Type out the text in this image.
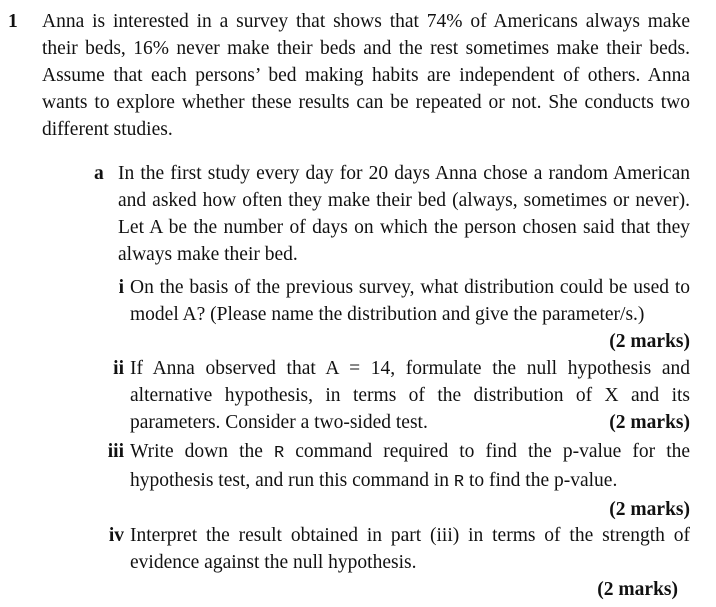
1 Anna is interested in a survey that shows that 74% of Americans always make their beds, 16% never make their beds and the rest sometimes make their beds. Assume that each persons’ bed making habits are independent of others. Anna wants to explore whether these results can be repeated or not. She conducts two different studies.
a In the first study every day for 20 days Anna chose a random American and asked how often they make their bed (always, sometimes or never). Let A be the number of days on which the person chosen said that they always make their bed.
i On the basis of the previous survey, what distribution could be used to model A? (Please name the distribution and give the parameter/s.)
(2 marks)
ii If Anna observed that A = 14, formulate the null hypothesis and alternative hypothesis, in terms of the distribution of X and its parameters. Consider a two-sided test.	(2 marks)
iii Write down the R command required to find the p-value for the hypothesis test, and run this command in R to find the p-value.
(2 marks)
iv Interpret the result obtained in part (iii) in terms of the strength of evidence against the null hypothesis.
(2 marks)
